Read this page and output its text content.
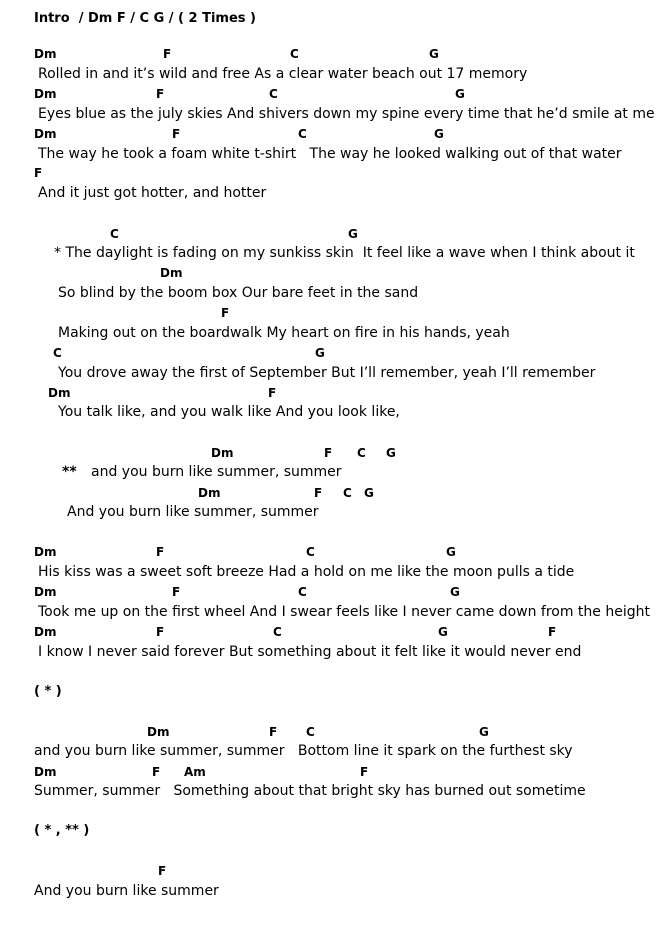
Intro  / Dm F / C G / ( 2 Times )
Dm	F	C	G
Rolled in and it’s wild and free As a clear water beach out 17 memory
Dm	F	C	G
Eyes blue as the july skies And shivers down my spine every time that he’d smile at me
Dm	F	C	G
The way he took a foam white t-shirt   The way he looked walking out of that water
F
And it just got hotter, and hotter
C	G
* The daylight is fading on my sunkiss skin  It feel like a wave when I think about it
Dm
So blind by the boom box Our bare feet in the sand
F
Making out on the boardwalk My heart on fire in his hands, yeah
C	G
You drove away the first of September But I’ll remember, yeah I’ll remember
Dm	F
You talk like, and you walk like And you look like,
Dm	F C G
** and you burn like summer, summer
Dm	F C G
And you burn like summer, summer
Dm	F	C	G
His kiss was a sweet soft breeze Had a hold on me like the moon pulls a tide
Dm	F	C	G
Took me up on the first wheel And I swear feels like I never came down from the height
Dm	F	C	G	F
I know I never said forever But something about it felt like it would never end
( * )
Dm	F C	G
and you burn like summer, summer   Bottom line it spark on the furthest sky
Dm	F Am	F
Summer, summer   Something about that bright sky has burned out sometime
( * , ** )
F
And you burn like summer
